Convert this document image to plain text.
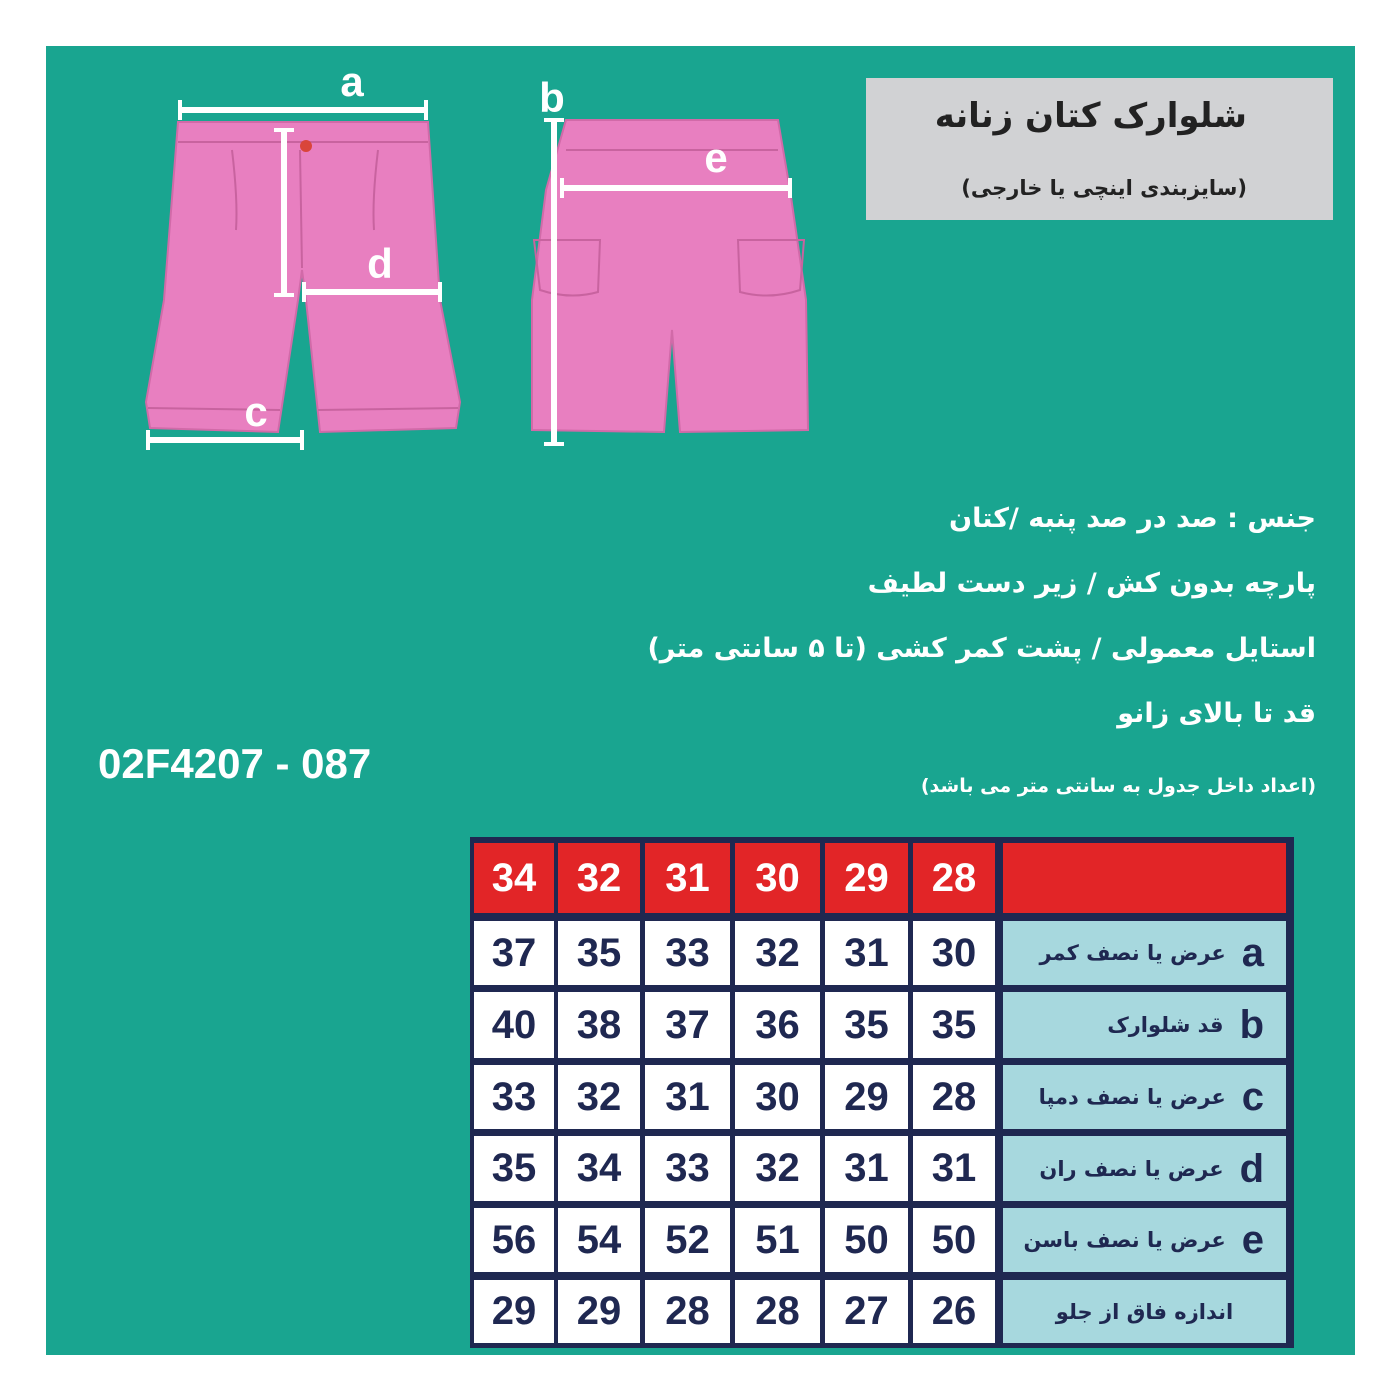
a	b
c
d
e
شلوارک کتان زنانه
(سایزبندی اینچی یا خارجی)
جنس : صد در صد پنبه /کتان
پارچه بدون کش / زیر دست لطیف
استایل معمولی / پشت کمر کشی (تا ۵ سانتی متر)
قد تا بالای زانو
(اعداد داخل جدول به سانتی متر می باشد)
02F4207 - 087
34	32	31	30	29	28
37	35	33	32	31	30	عرض یا نصف کمر a
40	38	37	36	35	35	قد شلوارک b
33	32	31	30	29	28	عرض یا نصف دمپا c
35	34	33	32	31	31	عرض یا نصف ران d
56	54	52	51	50	50	عرض یا نصف باسن e
29	29	28	28	27	26	اندازه فاق از جلو
